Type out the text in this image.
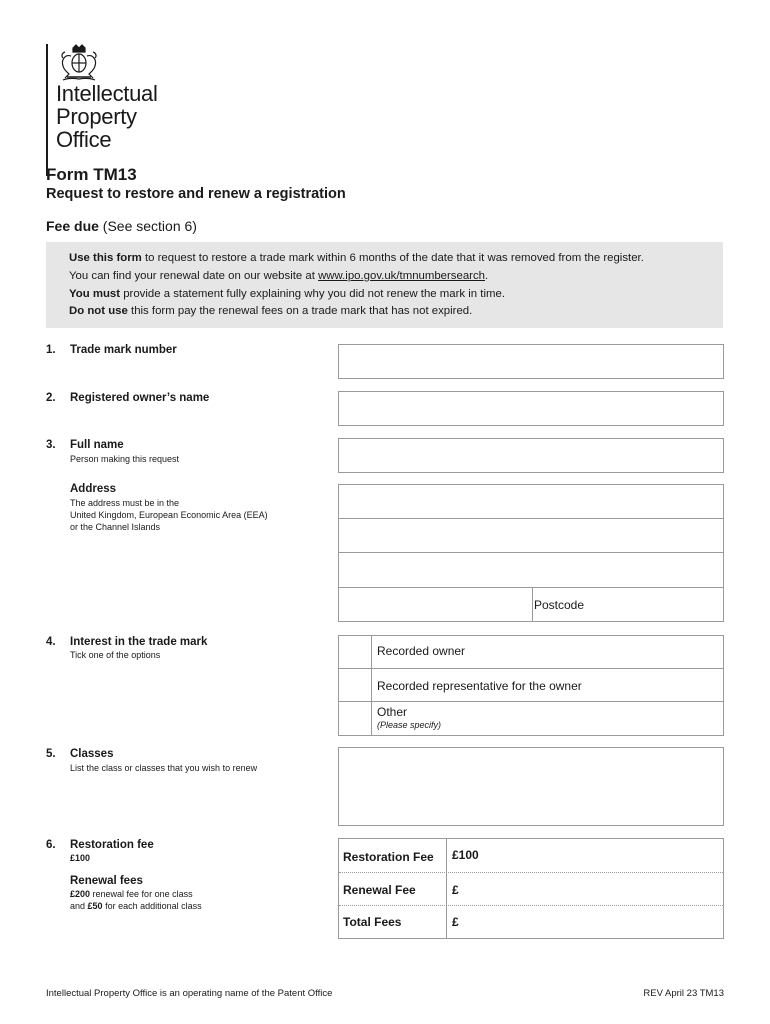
Intellectual
Property
Office
Form TM13
Request to restore and renew a registration
Fee due (See section 6)

Use this form to request to restore a trade mark within 6 months of the date that it was removed from the register.

You can find your renewal date on our website at www.ipo.gov.uk/tmnumbersearch.

You must provide a statement fully explaining why you did not renew the mark in time.

Do not use this form pay the renewal fees on a trade mark that has not expired.

1. Trade mark number
2. Registered owner’s name
3. Full name
Person making this request
Address
The address must be in the
United Kingdom, European Economic Area (EEA)
or the Channel Islands
Postcode
4. Interest in the trade mark
Tick one of the options	Recorded owner
Recorded representative for the owner
Other
(Please specify)
5. Classes
List the class or classes that you wish to renew
6. Restoration fee
£100
Renewal fees
£200 renewal fee for one class
and £50 for each additional class
Restoration Fee £100
Renewal Fee	£
Total Fees	£
Intellectual Property Office is an operating name of the Patent Office	REV April 23 TM13
